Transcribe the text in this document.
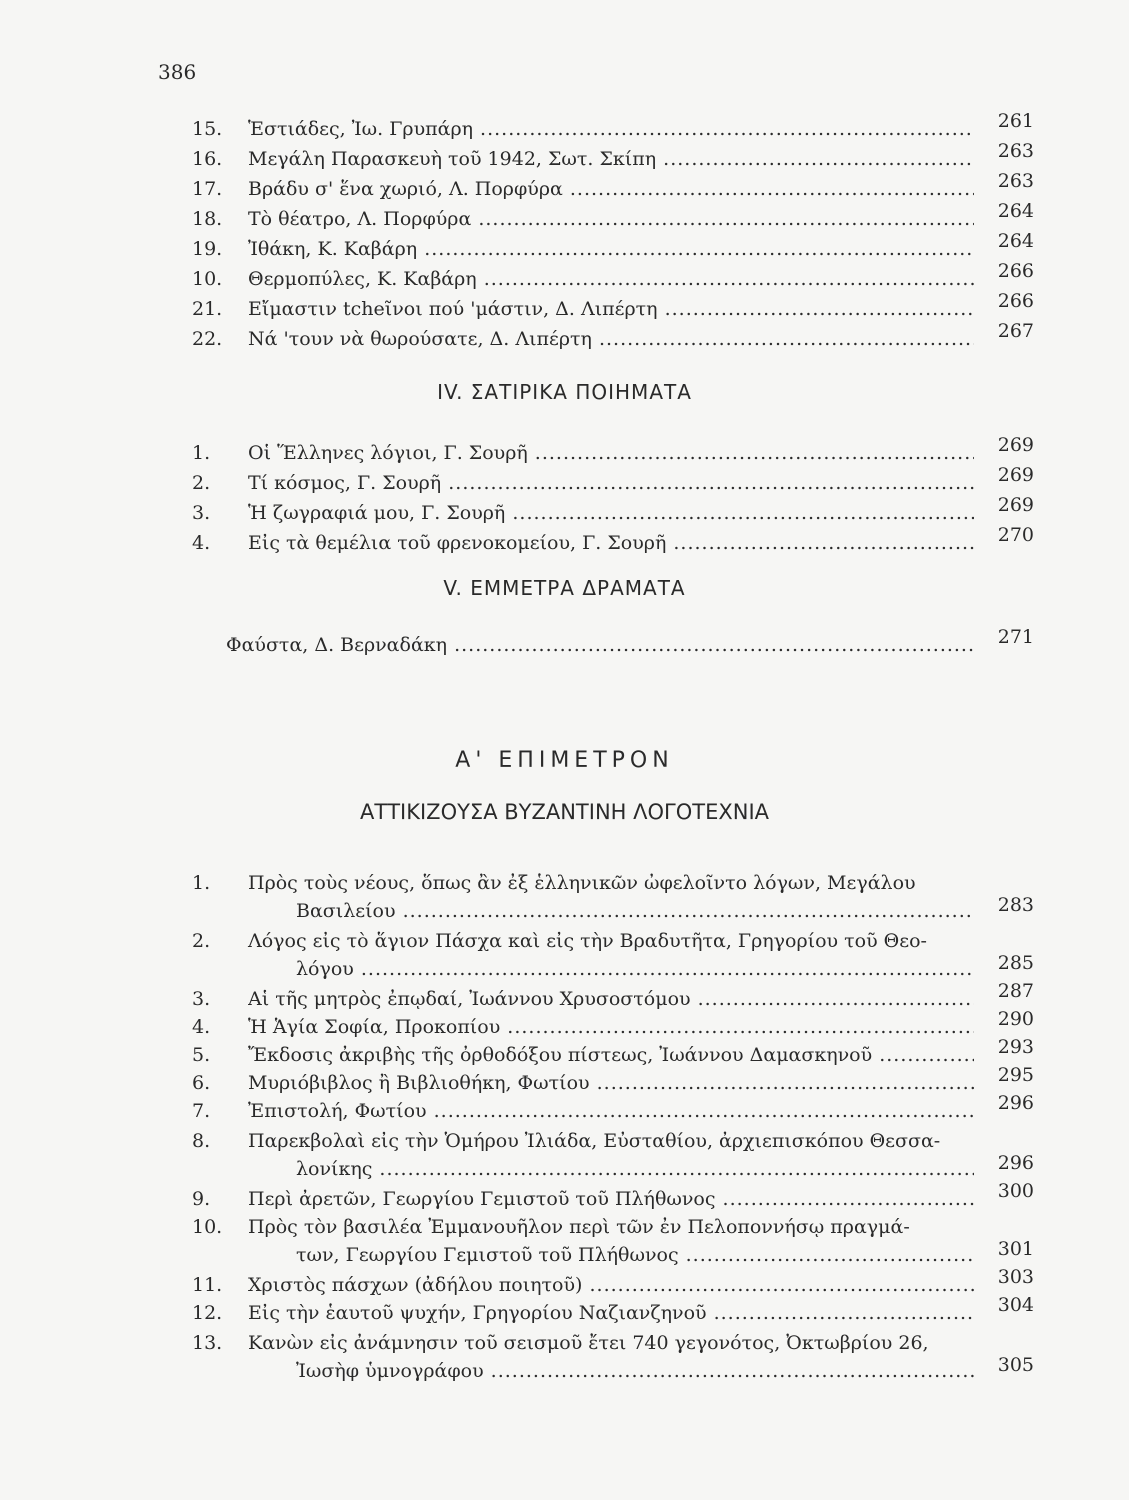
386
15.	Ἑστιάδες, Ἰω. Γρυπάρη .....	261
16.	Μεγάλη Παρασκευὴ τοῦ 1942, Σωτ. Σκίπη .....	263
17.	Βράδυ σ' ἕνα χωριό, Λ. Πορφύρα .....	263
18.	Τὸ θέατρο, Λ. Πορφύρα .....	264
19.	Ἰθάκη, Κ. Καβάρη .....	264
10.	Θερμοπύλες, Κ. Καβάρη .....	266
21.	Εἴμαστιν tcheῖνοι πού 'μάστιν, Δ. Λιπέρτη .....	266
22.	Νά 'τουν νὰ θωρούσατε, Δ. Λιπέρτη .....	267
IV. ΣΑΤΙΡΙΚΑ ΠΟΙΗΜΑΤΑ
1.	Οἱ Ἕλληνες λόγιοι, Γ. Σουρῆ .....	269
2.	Τί κόσμος, Γ. Σουρῆ .....	269
3.	Ἡ ζωγραφιά μου, Γ. Σουρῆ .....	269
4.	Εἰς τὰ θεμέλια τοῦ φρενοκομείου, Γ. Σουρῆ .....	270
V. ΕΜΜΕΤΡΑ ΔΡΑΜΑΤΑ
Φαύστα, Δ. Βερναδάκη .....	271
Α' ΕΠΙΜΕΤΡΟΝ
ΑΤΤΙΚΙΖΟΥΣΑ ΒΥΖΑΝΤΙΝΗ ΛΟΓΟΤΕΧΝΙΑ
1.	Πρὸς τοὺς νέους, ὅπως ἂν ἐξ ἑλληνικῶν ὠφελοῖντο λόγων, Μεγάλου
Βασιλείου .....	283
2.	Λόγος εἰς τὸ ἅγιον Πάσχα καὶ εἰς τὴν Βραδυτῆτα, Γρηγορίου τοῦ Θεο-
λόγου .....	285
3.	Αἱ τῆς μητρὸς ἐπῳδαί, Ἰωάννου Χρυσοστόμου .....	287
4.	Ἡ Ἁγία Σοφία, Προκοπίου .....	290
5.	Ἔκδοσις ἀκριβὴς τῆς ὀρθοδόξου πίστεως, Ἰωάννου Δαμασκηνοῦ .....	293
6.	Μυριόβιβλος ἢ Βιβλιοθήκη, Φωτίου .....	295
7.	Ἐπιστολή, Φωτίου .....	296
8.	Παρεκβολαὶ εἰς τὴν Ὁμήρου Ἰλιάδα, Εὐσταθίου, ἀρχιεπισκόπου Θεσσα-
λονίκης .....	296
9.	Περὶ ἀρετῶν, Γεωργίου Γεμιστοῦ τοῦ Πλήθωνος .....	300
10.	Πρὸς τὸν βασιλέα Ἐμμανουῆλον περὶ τῶν ἐν Πελοποννήσῳ πραγμά-
των, Γεωργίου Γεμιστοῦ τοῦ Πλήθωνος .....	301
11.	Χριστὸς πάσχων (ἀδήλου ποιητοῦ) .....	303
12.	Εἰς τὴν ἑαυτοῦ ψυχήν, Γρηγορίου Ναζιανζηνοῦ .....	304
13.	Κανὼν εἰς ἀνάμνησιν τοῦ σεισμοῦ ἔτει 740 γεγονότος, Ὀκτωβρίου 26,
Ἰωσὴφ ὑμνογράφου .....	305
